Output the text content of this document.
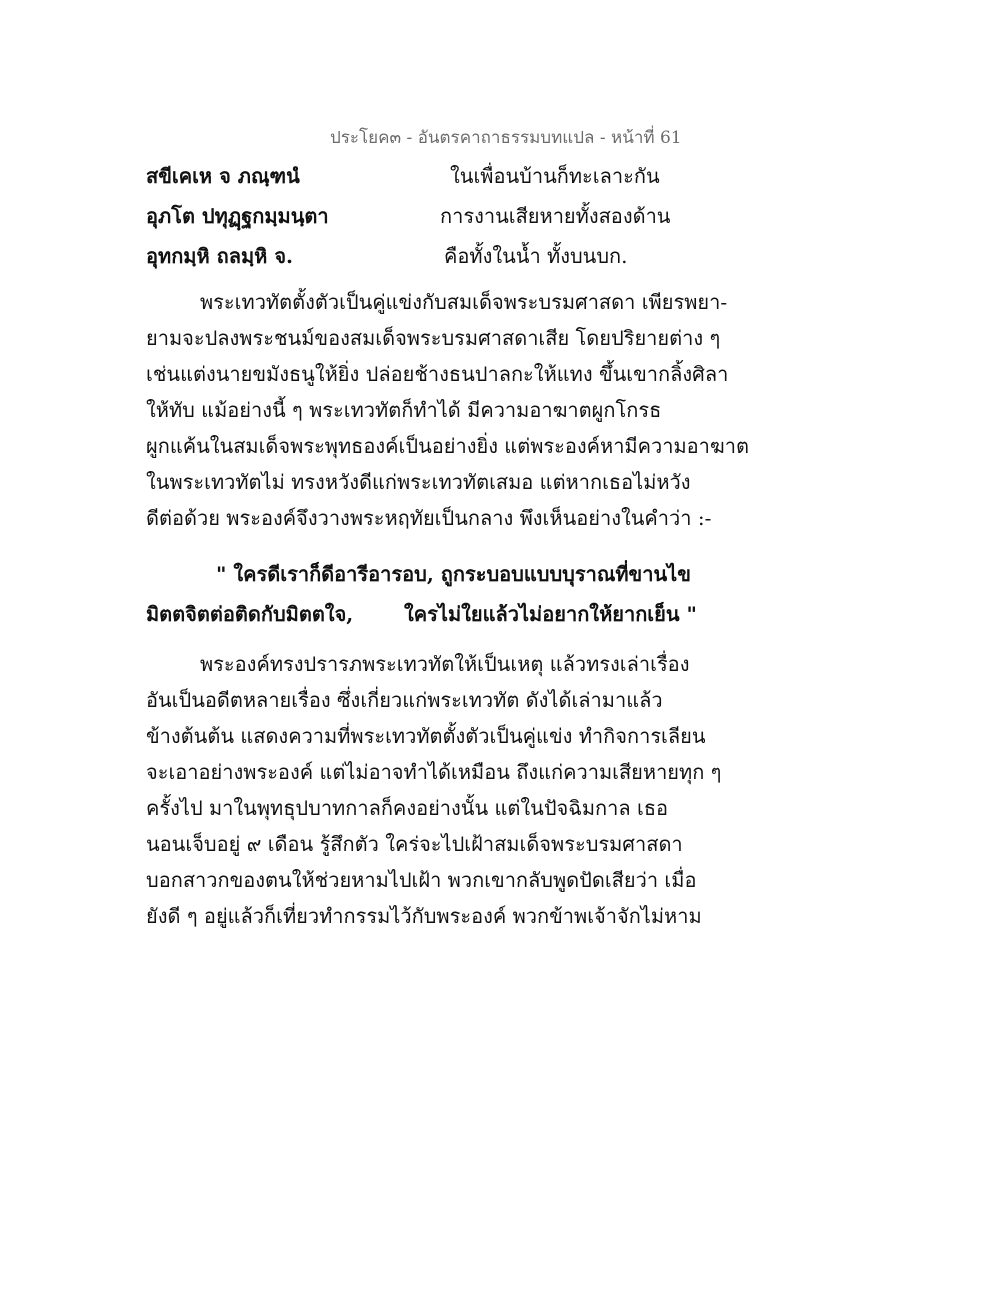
ประโยค๓ - อันตรคาถาธรรมบทแปล - หน้าที่ 61
สขีเคเห จ ภณฺฑนํ	ในเพื่อนบ้านก็ทะเลาะกัน
อุภโต ปทุฏฺฐกมฺมนฺตา	การงานเสียหายทั้งสองด้าน
อุทกมฺหิ ถลมฺหิ จ.	คือทั้งในน้ำ ทั้งบนบก.
พระเทวทัตตั้งตัวเป็นคู่แข่งกับสมเด็จพระบรมศาสดา เพียรพยา-
ยามจะปลงพระชนม์ของสมเด็จพระบรมศาสดาเสีย โดยปริยายต่าง ๆ
เช่นแต่งนายขมังธนูให้ยิ่ง ปล่อยช้างธนปาลกะให้แทง ขึ้นเขากลิ้งศิลา
ให้ทับ แม้อย่างนี้ ๆ พระเทวทัตก็ทำได้ มีความอาฆาตผูกโกรธ
ผูกแค้นในสมเด็จพระพุทธองค์เป็นอย่างยิ่ง แต่พระองค์หามีความอาฆาต
ในพระเทวทัตไม่ ทรงหวังดีแก่พระเทวทัตเสมอ แต่หากเธอไม่หวัง
ดีต่อด้วย พระองค์จึงวางพระหฤทัยเป็นกลาง พึงเห็นอย่างในคำว่า :-
" ใครดีเราก็ดีอารีอารอบ, ถูกระบอบแบบบุราณที่ขานไข
มิตตจิตต่อติดกับมิตตใจ,	ใครไม่ใยแล้วไม่อยากให้ยากเย็น "
พระองค์ทรงปรารภพระเทวทัตให้เป็นเหตุ แล้วทรงเล่าเรื่อง
อันเป็นอดีตหลายเรื่อง ซึ่งเกี่ยวแก่พระเทวทัต ดังได้เล่ามาแล้ว
ข้างต้นต้น แสดงความที่พระเทวทัตตั้งตัวเป็นคู่แข่ง ทำกิจการเลียน
จะเอาอย่างพระองค์ แต่ไม่อาจทำได้เหมือน ถึงแก่ความเสียหายทุก ๆ
ครั้งไป มาในพุทธุปบาทกาลก็คงอย่างนั้น แต่ในปัจฉิมกาล เธอ
นอนเจ็บอยู่ ๙ เดือน รู้สึกตัว ใคร่จะไปเฝ้าสมเด็จพระบรมศาสดา
บอกสาวกของตนให้ช่วยหามไปเฝ้า พวกเขากลับพูดปัดเสียว่า เมื่อ
ยังดี ๆ อยู่แล้วก็เที่ยวทำกรรมไว้กับพระองค์ พวกข้าพเจ้าจักไม่หาม
